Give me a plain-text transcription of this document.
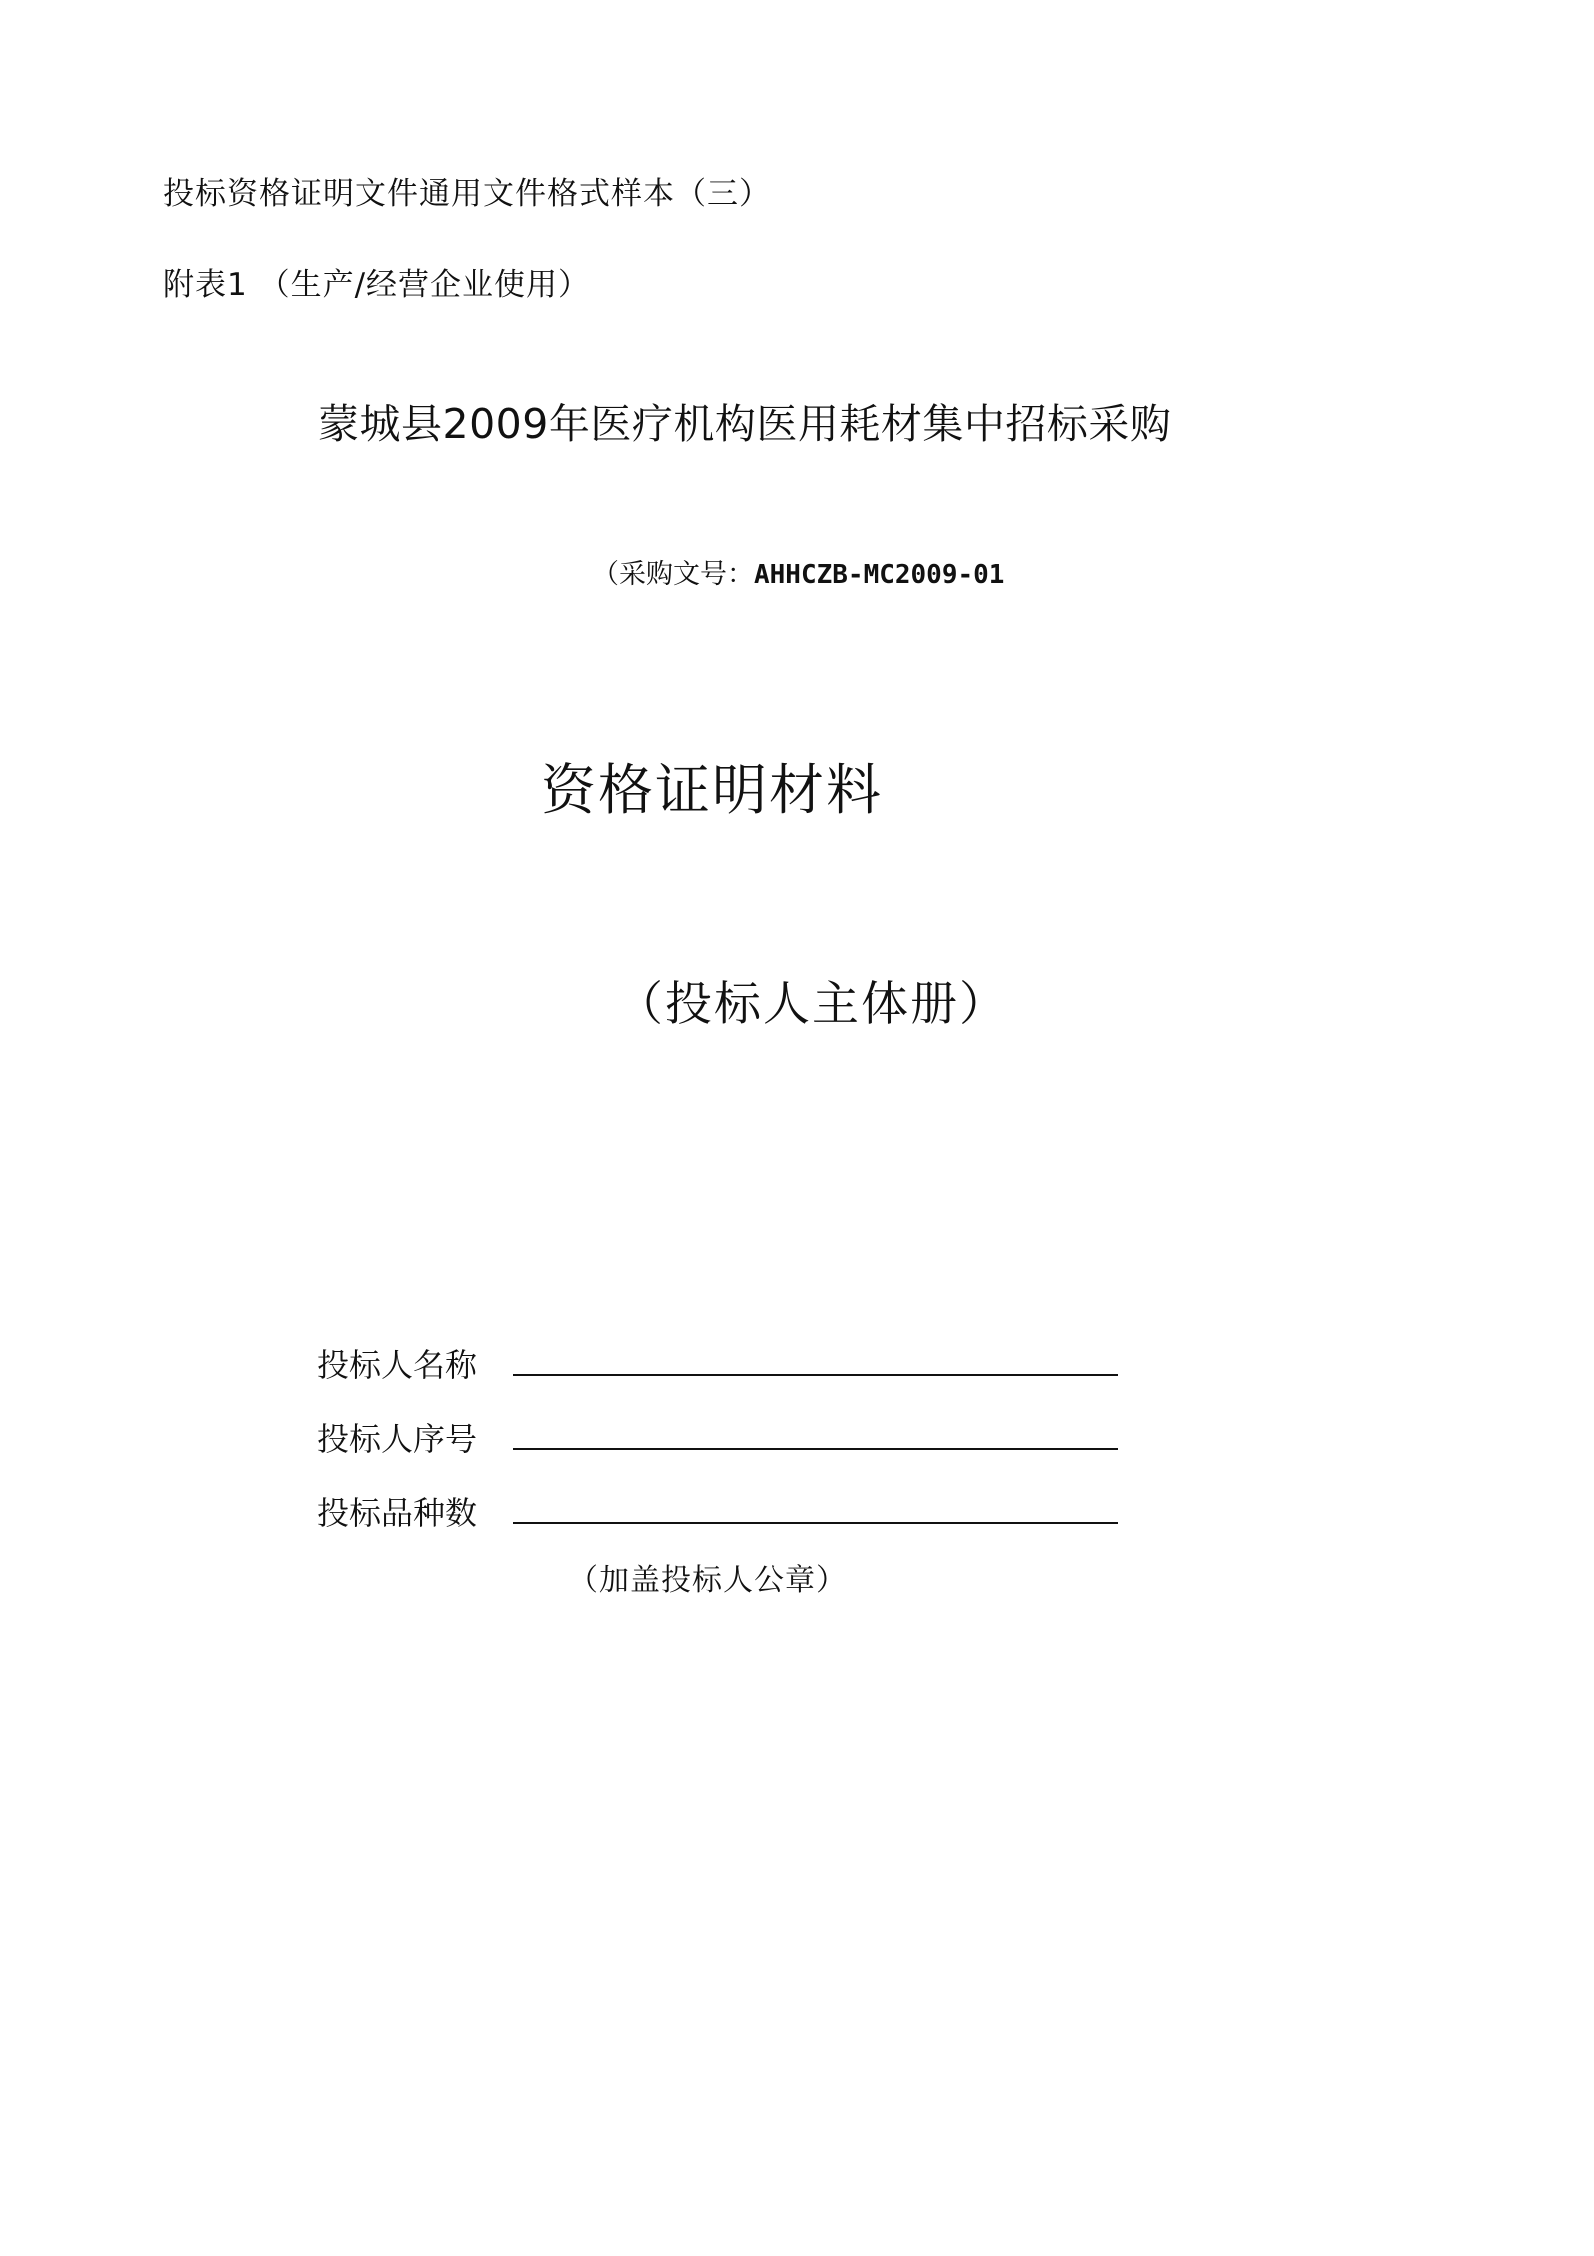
投标资格证明文件通用文件格式样本（三）
附表1 （生产/经营企业使用）
蒙城县2009年医疗机构医用耗材集中招标采购
（采购文号：AHHCZB-MC2009-01
资格证明材料
（投标人主体册）
投标人名称
投标人序号
投标品种数
（加盖投标人公章）
